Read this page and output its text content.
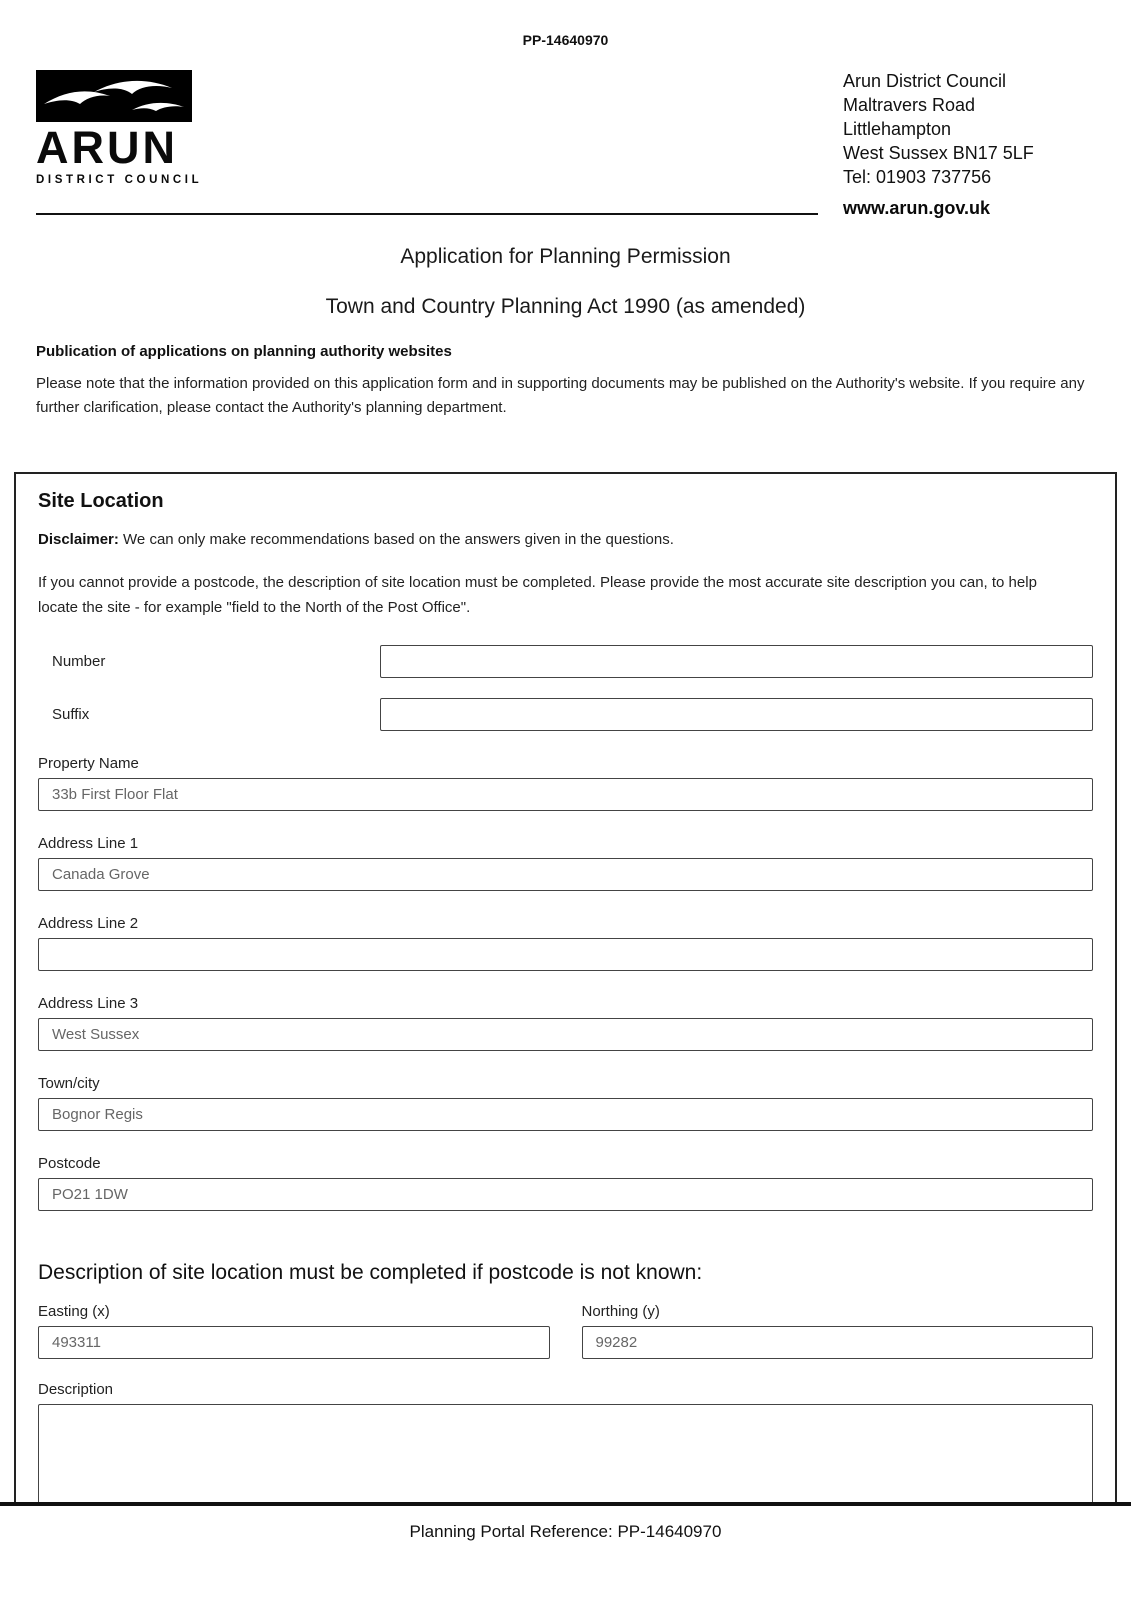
PP-14640970
ARUN
DISTRICT COUNCIL
Arun District Council
Maltravers Road
Littlehampton
West Sussex BN17 5LF
Tel: 01903 737756
www.arun.gov.uk
Application for Planning Permission
Town and Country Planning Act 1990 (as amended)
Publication of applications on planning authority websites
Please note that the information provided on this application form and in supporting documents may be published on the Authority's website. If you require any further clarification, please contact the Authority's planning department.
Site Location
Disclaimer: We can only make recommendations based on the answers given in the questions.
If you cannot provide a postcode, the description of site location must be completed. Please provide the most accurate site description you can, to help locate the site - for example "field to the North of the Post Office".
Number
Suffix
Property Name
33b First Floor Flat
Address Line 1
Canada Grove
Address Line 2
Address Line 3
West Sussex
Town/city
Bognor Regis
Postcode
PO21 1DW
Description of site location must be completed if postcode is not known:
Easting (x)
493311	Northing (y)
99282
Description
Planning Portal Reference: PP-14640970
